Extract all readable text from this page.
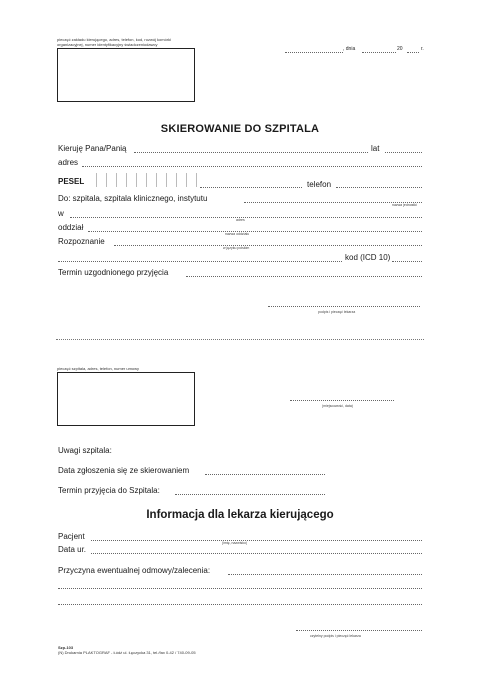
pieczęć zakładu kierującego, adres, telefon, kod, rozwój komórki organizacyjnej, numer identyfikacyjny świadczeniodawcy
, dnia	20	r.
SKIEROWANIE DO SZPITALA
Kieruję Pana/Panią	lat
adres
PESEL	telefon
Do: szpitala, szpitala klinicznego, instytutu
nazwa jednostki
w
adres
oddział
nazwa oddziału
Rozpoznanie
w języku polskim
kod (ICD 10)
Termin uzgodnionego przyjęcia
podpis i pieczęć lekarza
pieczęć szpitala, adres, telefon, numer umowy
(miejscowość, data)
Uwagi szpitala:
Data zgłoszenia się ze skierowaniem
Termin przyjęcia do Szpitala:
Informacja dla lekarza kierującego
Pacjent
(imię, nazwisko)
Data ur.
Przyczyna ewentualnej odmowy/zalecenia:
czytelny podpis i pieczęć lekarza
Szp-103
(N) Drukarnia PLAKTOGRAF - Łódź ul. Łęczycka 31, tel./fax 0-42 / 740-09-05
